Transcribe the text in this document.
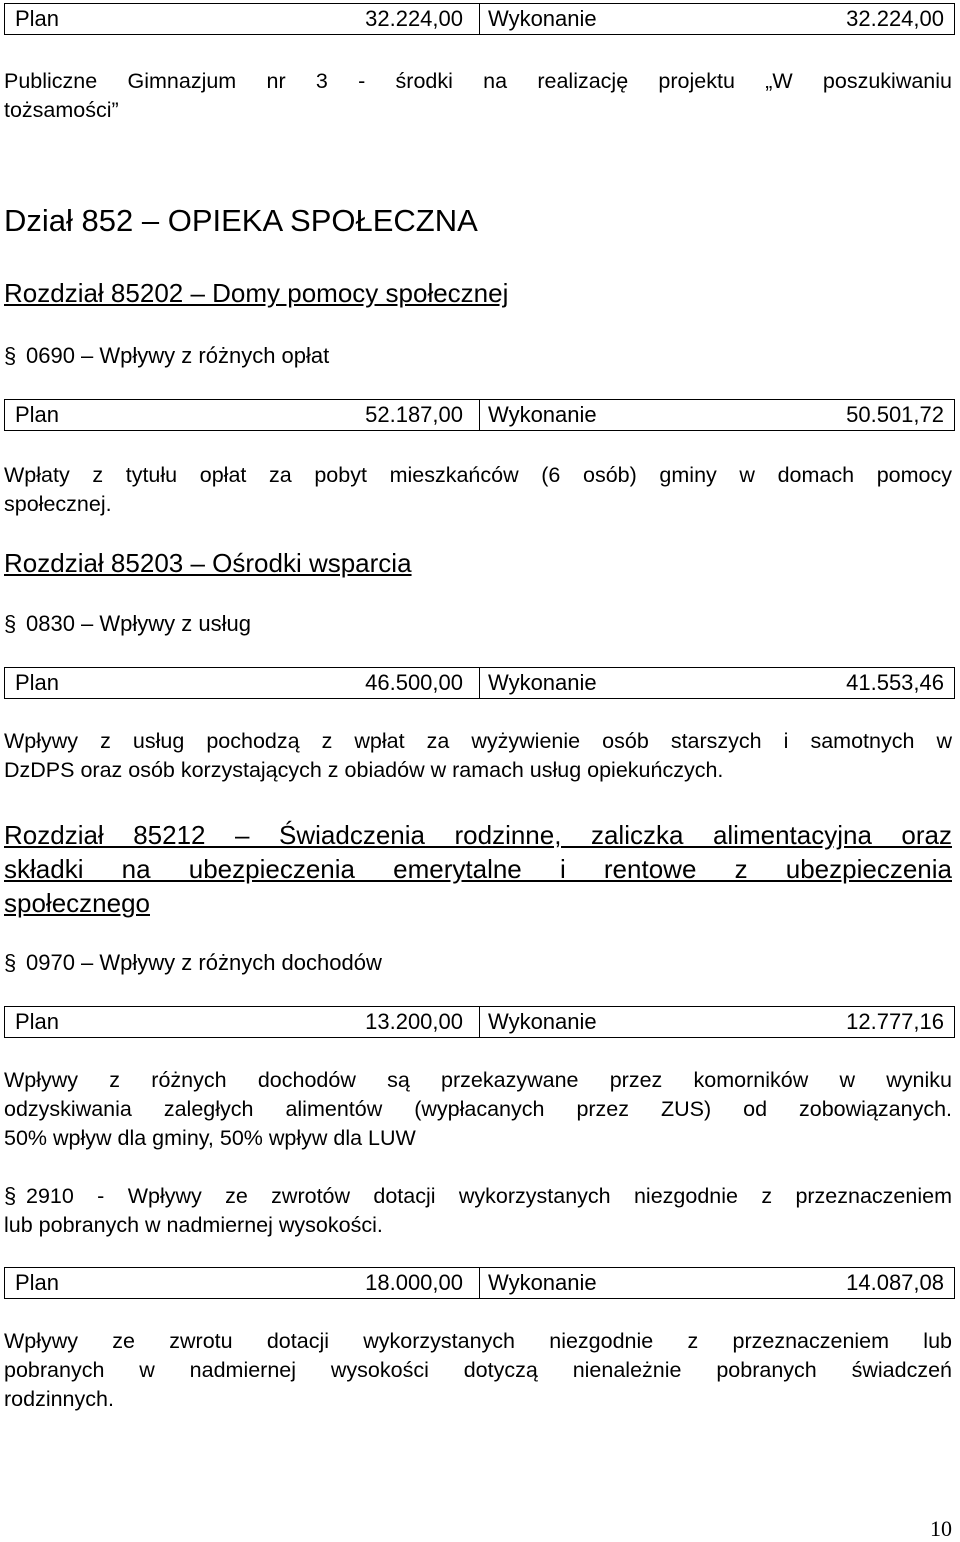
Plan	32.224,00 Wykonanie	32.224,00
Publiczne Gimnazjum nr 3 - środki na realizację projektu „W poszukiwaniu
tożsamości”
Dział 852 – OPIEKA SPOŁECZNA
Rozdział 85202 – Domy pomocy społecznej
§ 0690 – Wpływy z różnych opłat
Plan	52.187,00 Wykonanie	50.501,72
Wpłaty z tytułu opłat za pobyt mieszkańców (6 osób) gminy w domach pomocy
społecznej.
Rozdział 85203 – Ośrodki wsparcia
§ 0830 – Wpływy z usług
Plan	46.500,00 Wykonanie	41.553,46
Wpływy z usług pochodzą z wpłat za wyżywienie osób starszych i samotnych w
DzDPS oraz osób korzystających z obiadów w ramach usług opiekuńczych.
Rozdział 85212 – Świadczenia rodzinne, zaliczka alimentacyjna oraz
składki na ubezpieczenia emerytalne i rentowe z ubezpieczenia
społecznego
§ 0970 – Wpływy z różnych dochodów
Plan	13.200,00 Wykonanie	12.777,16
Wpływy z różnych dochodów są przekazywane przez komorników w wyniku
odzyskiwania zaległych alimentów (wypłacanych przez ZUS) od zobowiązanych.
50% wpływ dla gminy, 50% wpływ dla LUW
§ 2910 - Wpływy ze zwrotów dotacji wykorzystanych niezgodnie z przeznaczeniem
lub pobranych w nadmiernej wysokości.
Plan	18.000,00 Wykonanie	14.087,08
Wpływy ze zwrotu dotacji wykorzystanych niezgodnie z przeznaczeniem lub
pobranych w nadmiernej wysokości dotyczą nienależnie pobranych świadczeń
rodzinnych.
10
